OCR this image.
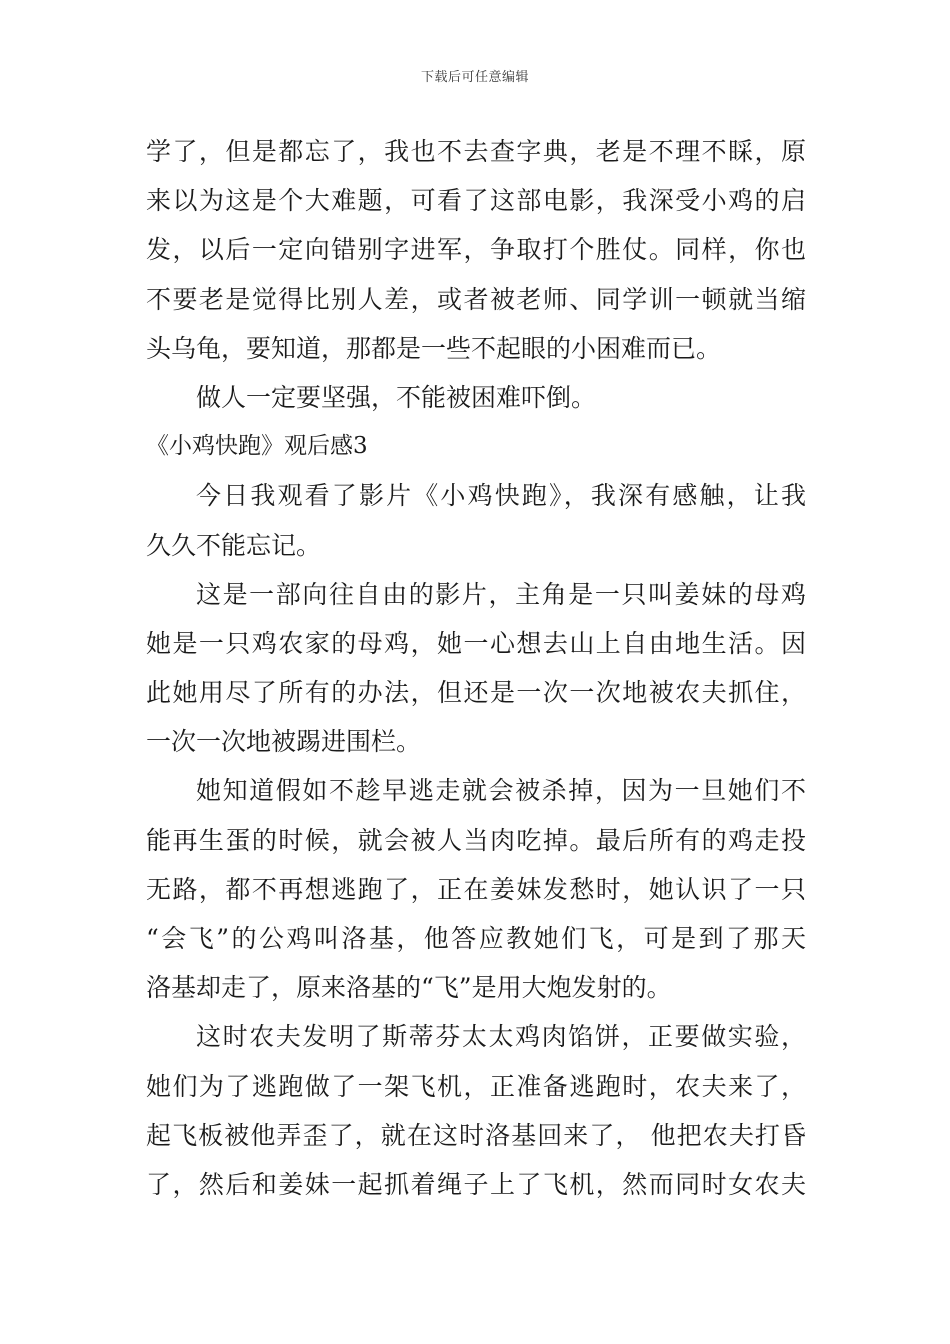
下载后可任意编辑
学了，但是都忘了，我也不去查字典，老是不理不睬，原
来以为这是个大难题，可看了这部电影，我深受小鸡的启
发，以后一定向错别字进军，争取打个胜仗。同样，你也
不要老是觉得比别人差，或者被老师、同学训一顿就当缩
头乌龟，要知道，那都是一些不起眼的小困难而已。
做人一定要坚强，不能被困难吓倒。
《小鸡快跑》观后感3
今日我观看了影片《小鸡快跑》，我深有感触，让我
久久不能忘记。
这是一部向往自由的影片，主角是一只叫姜妹的母鸡
她是一只鸡农家的母鸡，她一心想去山上自由地生活。因
此她用尽了所有的办法，但还是一次一次地被农夫抓住，
一次一次地被踢进围栏。
她知道假如不趁早逃走就会被杀掉，因为一旦她们不
能再生蛋的时候，就会被人当肉吃掉。最后所有的鸡走投
无路，都不再想逃跑了，正在姜妹发愁时，她认识了一只
“会飞”的公鸡叫洛基，他答应教她们飞，可是到了那天
洛基却走了，原来洛基的“飞”是用大炮发射的。
这时农夫发明了斯蒂芬太太鸡肉馅饼，正要做实验，
她们为了逃跑做了一架飞机，正准备逃跑时，农夫来了，
起飞板被他弄歪了，就在这时洛基回来了， 他把农夫打昏
了，然后和姜妹一起抓着绳子上了飞机，然而同时女农夫
